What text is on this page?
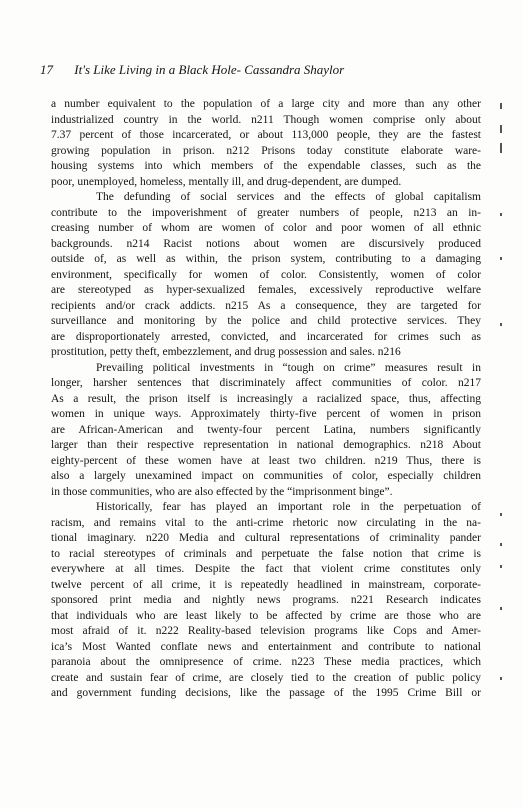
17 It's Like Living in a Black Hole- Cassandra Shaylor
a number equivalent to the population of a large city and more than any other
industrialized country in the world. n211 Though women comprise only about
7.37 percent of those incarcerated, or about 113,000 people, they are the fastest
growing population in prison. n212 Prisons today constitute elaborate ware-
housing systems into which members of the expendable classes, such as the
poor, unemployed, homeless, mentally ill, and drug-dependent, are dumped.
The defunding of social services and the effects of global capitalism
contribute to the impoverishment of greater numbers of people, n213 an in-
creasing number of whom are women of color and poor women of all ethnic
backgrounds. n214 Racist notions about women are discursively produced
outside of, as well as within, the prison system, contributing to a damaging
environment, specifically for women of color. Consistently, women of color
are stereotyped as hyper-sexualized females, excessively reproductive welfare
recipients and/or crack addicts. n215 As a consequence, they are targeted for
surveillance and monitoring by the police and child protective services. They
are disproportionately arrested, convicted, and incarcerated for crimes such as
prostitution, petty theft, embezzlement, and drug possession and sales. n216
Prevailing political investments in “tough on crime” measures result in
longer, harsher sentences that discriminately affect communities of color. n217
As a result, the prison itself is increasingly a racialized space, thus, affecting
women in unique ways. Approximately thirty-five percent of women in prison
are African-American and twenty-four percent Latina, numbers significantly
larger than their respective representation in national demographics. n218 About
eighty-percent of these women have at least two children. n219 Thus, there is
also a largely unexamined impact on communities of color, especially children
in those communities, who are also effected by the “imprisonment binge”.
Historically, fear has played an important role in the perpetuation of
racism, and remains vital to the anti-crime rhetoric now circulating in the na-
tional imaginary. n220 Media and cultural representations of criminality pander
to racial stereotypes of criminals and perpetuate the false notion that crime is
everywhere at all times. Despite the fact that violent crime constitutes only
twelve percent of all crime, it is repeatedly headlined in mainstream, corporate-
sponsored print media and nightly news programs. n221 Research indicates
that individuals who are least likely to be affected by crime are those who are
most afraid of it. n222 Reality-based television programs like Cops and Amer-
ica’s Most Wanted conflate news and entertainment and contribute to national
paranoia about the omnipresence of crime. n223 These media practices, which
create and sustain fear of crime, are closely tied to the creation of public policy
and government funding decisions, like the passage of the 1995 Crime Bill or
